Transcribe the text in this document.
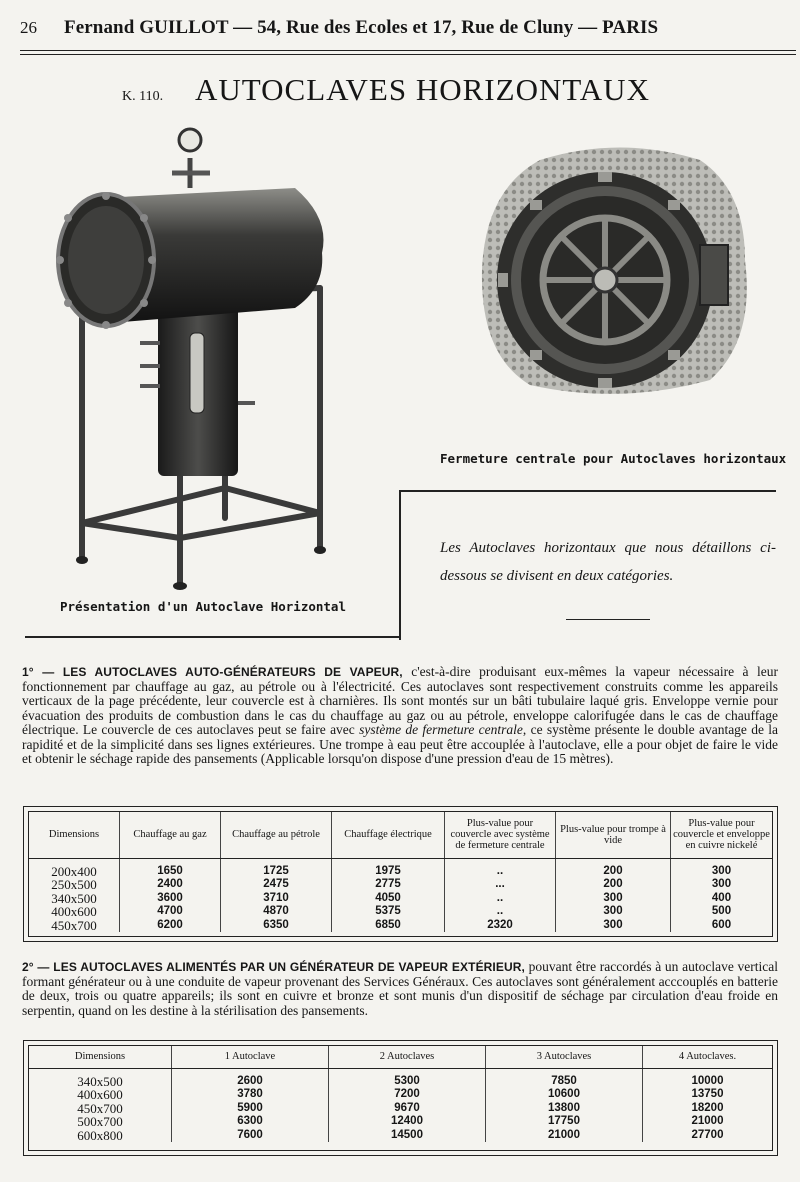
26 Fernand GUILLOT — 54, Rue des Ecoles et 17, Rue de Cluny — PARIS
K. 110. AUTOCLAVES HORIZONTAUX
Fermeture centrale pour Autoclaves horizontaux
Présentation d'un Autoclave Horizontal
Les Autoclaves horizontaux que nous détaillons ci-dessous se divisent en deux catégories.
1° — LES AUTOCLAVES AUTO-GÉNÉRATEURS DE VAPEUR, c'est-à-dire produisant eux-mêmes la vapeur nécessaire à leur fonctionnement par chauffage au gaz, au pétrole ou à l'électricité. Ces autoclaves sont respectivement construits comme les appareils verticaux de la page précédente, leur couvercle est à charnières. Ils sont montés sur un bâti tubulaire laqué gris. Enveloppe vernie pour évacuation des produits de combustion dans le cas du chauffage au gaz ou au pétrole, enveloppe calorifugée dans le cas de chauffage électrique. Le couvercle de ces autoclaves peut se faire avec système de fermeture centrale, ce système présente le double avantage de la rapidité et de la simplicité dans ses lignes extérieures. Une trompe à eau peut être accouplée à l'autoclave, elle a pour objet de faire le vide et obtenir le séchage rapide des pansements (Applicable lorsqu'on dispose d'une pression d'eau de 15 mètres).
Dimensions	Chauffage au gaz	Chauffage au pétrole	Chauffage électrique	Plus-value pour couvercle avec système de fermeture centrale	Plus-value pour trompe à vide	Plus-value pour couvercle et enveloppe en cuivre nickelé

200x400	1650	1725	1975	..	200	300

250x500	2400	2475	2775	...	200	300
340x500	3600	3710	4050	..	300	400
400x600	4700	4870	5375	..	300	500
450x700	6200	6350	6850	2320	300	600
2° — LES AUTOCLAVES ALIMENTÉS PAR UN GÉNÉRATEUR DE VAPEUR EXTÉRIEUR, pouvant être raccordés à un autoclave vertical formant générateur ou à une conduite de vapeur provenant des Services Généraux. Ces autoclaves sont généralement acccouplés en batterie de deux, trois ou quatre appareils; ils sont en cuivre et bronze et sont munis d'un dispositif de séchage par circulation d'eau froide en serpentin, quand on les destine à la stérilisation des pansements.
Dimensions	1 Autoclave	2 Autoclaves	3 Autoclaves	4 Autoclaves.

340x500	2600	5300	7850	10000

400x600	3780	7200	10600	13750
450x700	5900	9670	13800	18200
500x700	6300	12400	17750	21000
600x800	7600	14500	21000	27700
